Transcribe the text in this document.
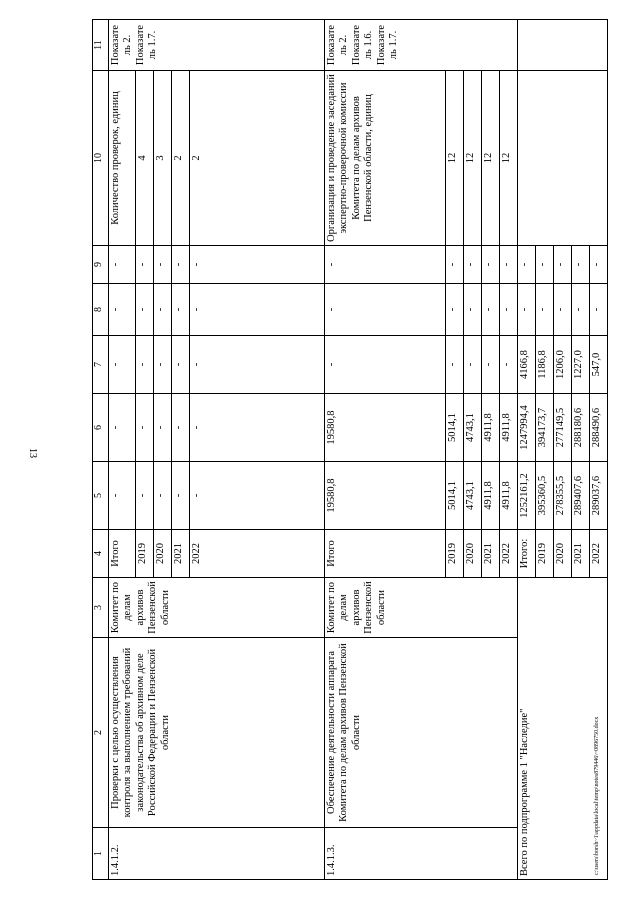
13
1	2	3	4	5	6	7	8	9	10	11
1.4.1.2.	Проверки с целью осуществления контроля за выполнением требований законодательства об архивном деле Российской Федерации и Пензенской области	Комитет по делам архивов Пензенской области	Итого	-	-	-	-	-	Количество проверок, единиц	Показатель 2. Показатель 1.7.
			2019	-	-	-	-	-	4	
			2020	-	-	-	-	-	3	
			2021	-	-	-	-	-	2	
			2022	-	-	-	-	-	2	
1.4.1.3.	Обеспечение деятельности аппарата Комитета по делам архивов Пензенской области	Комитет по делам архивов Пензенской области	Итого	19580,8	19580,8	-	-	-	Организация и проведение заседаний экспертно-проверочной комиссии Комитета по делам архивов Пензенской области, единиц	Показатель 2. Показатель 1.6. Показатель 1.7.
			2019	5014,1	5014,1	-	-	-	12	
			2020	4743,1	4743,1	-	-	-	12	
			2021	4911,8	4911,8	-	-	-	12	
			2022	4911,8	4911,8	-	-	-	12	
Всего по подпрограмме 1 "Наследие"			Итого:	1252161,2	1247994,4	4166,8	-	-		
			2019	395360,5	394173,7	1186,8	-	-		
			2020	278355,5	277149,5	1206,0	-	-		
			2021	289407,6	288180,6	1227,0	-	-		
			2022	289037,6	288490,6	547,0	-	-		
c:\users\borsh~1\appdata\local\temp\notes879446\~0896750.docx
